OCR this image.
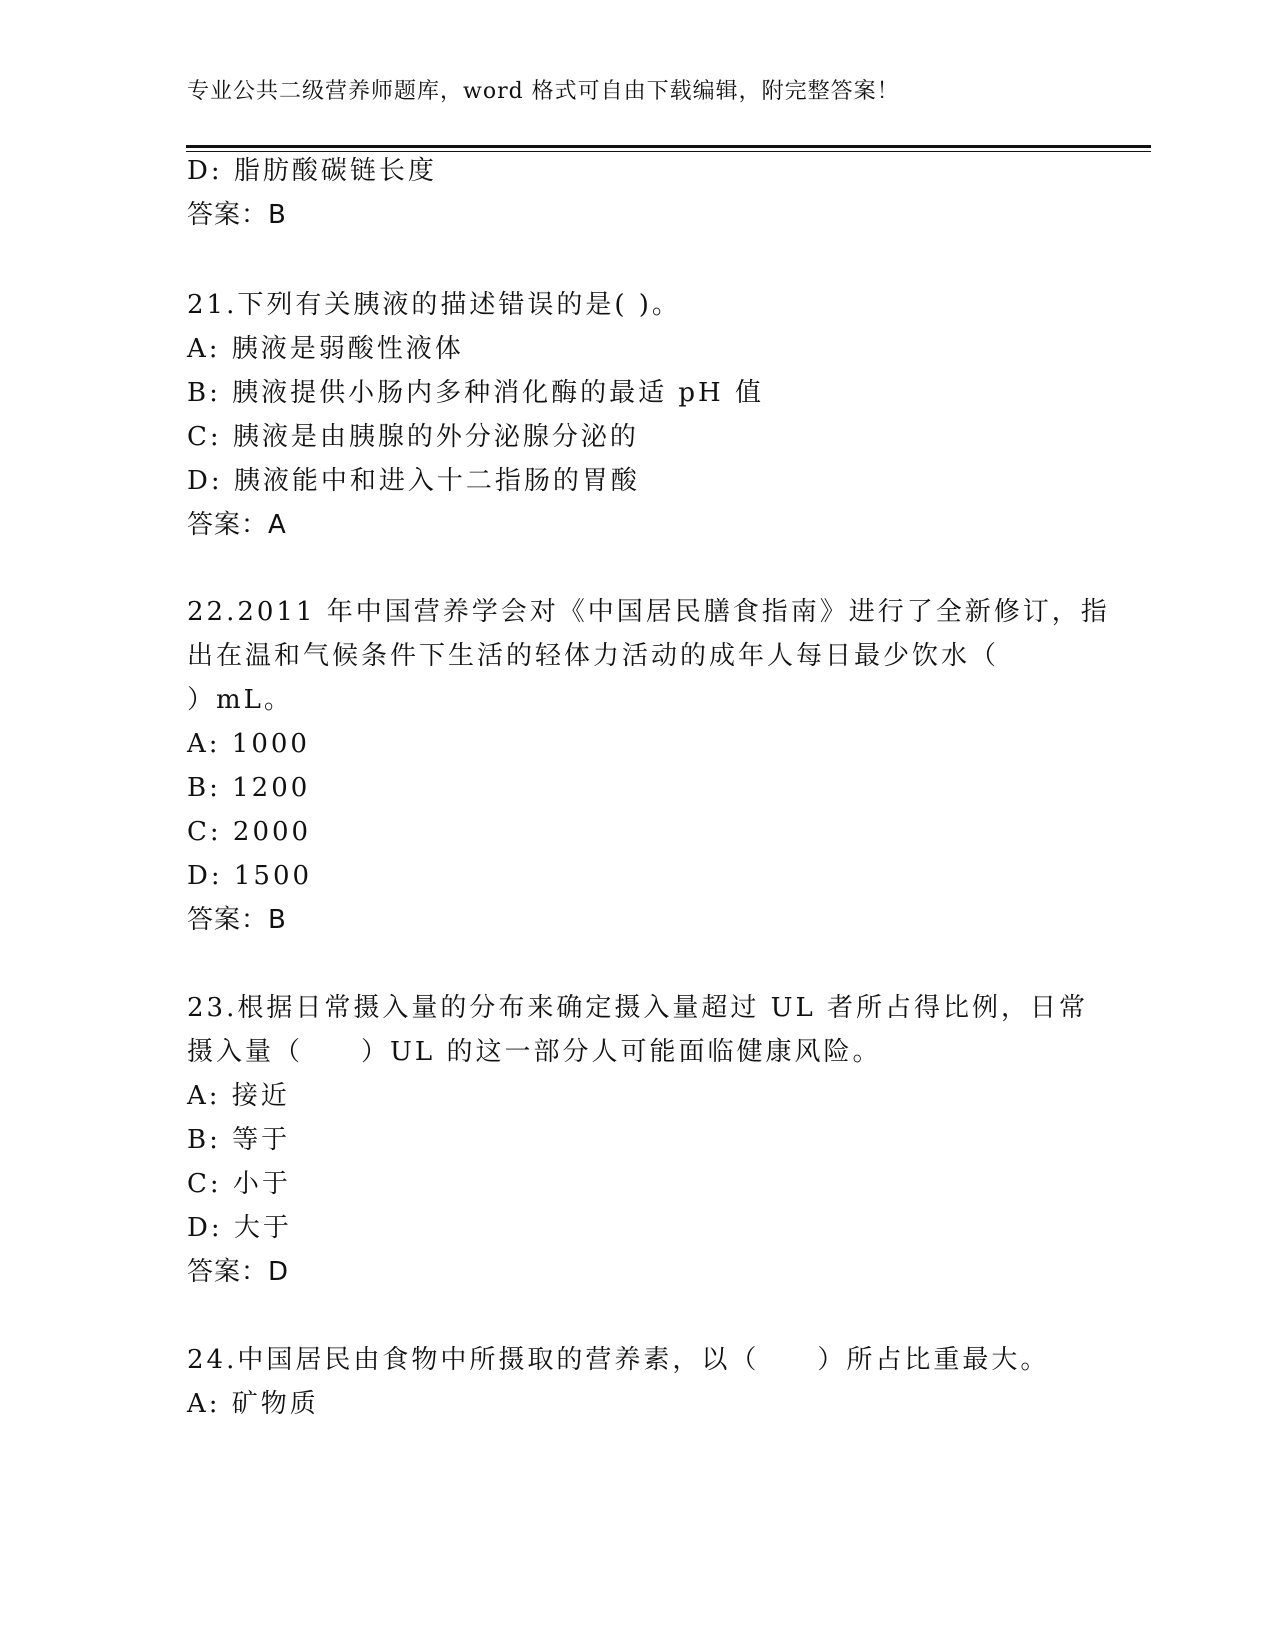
专业公共二级营养师题库，word 格式可自由下载编辑，附完整答案！
D: 脂肪酸碳链长度
答案：B
21.下列有关胰液的描述错误的是( )。
A: 胰液是弱酸性液体
B: 胰液提供小肠内多种消化酶的最适 pH 值
C: 胰液是由胰腺的外分泌腺分泌的
D: 胰液能中和进入十二指肠的胃酸
答案：A
22.2011 年中国营养学会对《中国居民膳食指南》进行了全新修订，指
出在温和气候条件下生活的轻体力活动的成年人每日最少饮水（
）mL。
A: 1000
B: 1200
C: 2000
D: 1500
答案：B
23.根据日常摄入量的分布来确定摄入量超过 UL 者所占得比例，日常
摄入量（　　）UL 的这一部分人可能面临健康风险。
A: 接近
B: 等于
C: 小于
D: 大于
答案：D
24.中国居民由食物中所摄取的营养素，以（　　）所占比重最大。
A: 矿物质
